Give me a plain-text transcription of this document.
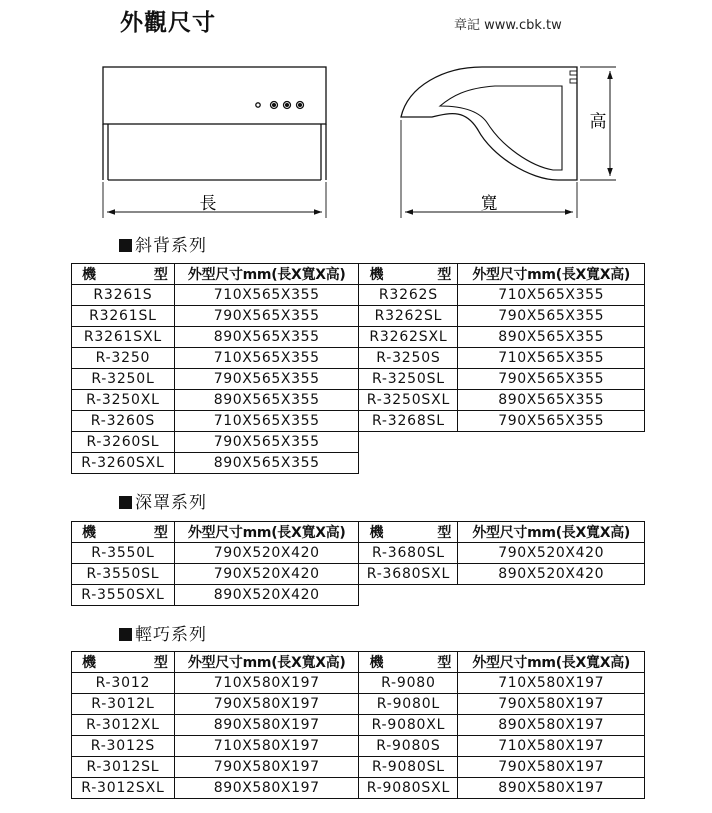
外觀尺寸	章記 www.cbk.tw
長	寬
高
斜背系列
機　　型	外型尺寸mm(長X寬X高)	機　　型	外型尺寸mm(長X寬X高)
R3261S	710X565X355	R3262S	710X565X355
R3261SL	790X565X355	R3262SL	790X565X355
R3261SXL	890X565X355	R3262SXL	890X565X355
R-3250	710X565X355	R-3250S	710X565X355
R-3250L	790X565X355	R-3250SL	790X565X355
R-3250XL	890X565X355	R-3250SXL	890X565X355
R-3260S	710X565X355	R-3268SL	790X565X355
R-3260SL	790X565X355		
R-3260SXL	890X565X355		
深罩系列
機　　型	外型尺寸mm(長X寬X高)	機　　型	外型尺寸mm(長X寬X高)
R-3550L	790X520X420	R-3680SL	790X520X420
R-3550SL	790X520X420	R-3680SXL	890X520X420
R-3550SXL	890X520X420		
輕巧系列
機　　型	外型尺寸mm(長X寬X高)	機　　型	外型尺寸mm(長X寬X高)
R-3012	710X580X197	R-9080	710X580X197
R-3012L	790X580X197	R-9080L	790X580X197
R-3012XL	890X580X197	R-9080XL	890X580X197
R-3012S	710X580X197	R-9080S	710X580X197
R-3012SL	790X580X197	R-9080SL	790X580X197
R-3012SXL	890X580X197	R-9080SXL	890X580X197
